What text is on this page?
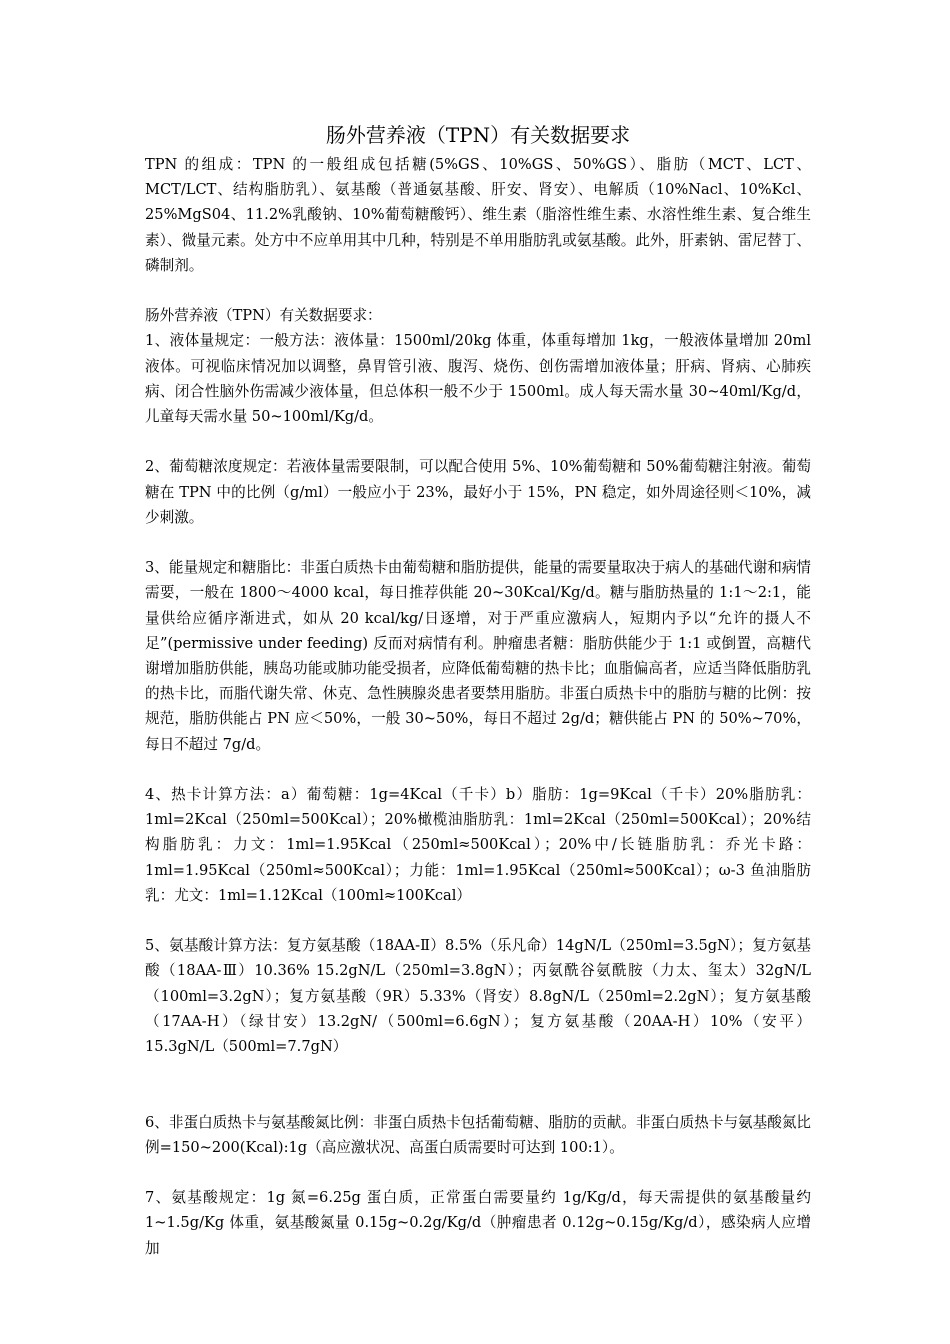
肠外营养液（TPN）有关数据要求

TPN 的组成：TPN 的一般组成包括糖(5%GS、10%GS、50%GS）、脂肪（MCT、LCT、MCT/LCT、结构脂肪乳）、氨基酸（普通氨基酸、肝安、肾安）、电解质（10%Nacl、10%Kcl、25%MgS04、11.2%乳酸钠、10%葡萄糖酸钙）、维生素（脂溶性维生素、水溶性维生素、复合维生素）、微量元素。处方中不应单用其中几种，特别是不单用脂肪乳或氨基酸。此外，肝素钠、雷尼替丁、磷制剂。

肠外营养液（TPN）有关数据要求：

1、液体量规定：一般方法：液体量：1500ml/20kg 体重，体重每增加 1kg，一般液体量增加 20ml 液体。可视临床情况加以调整，鼻胃管引液、腹泻、烧伤、创伤需增加液体量；肝病、肾病、心肺疾病、闭合性脑外伤需减少液体量，但总体积一般不少于 1500ml。成人每天需水量 30~40ml/Kg/d，儿童每天需水量 50~100ml/Kg/d。

2、葡萄糖浓度规定：若液体量需要限制，可以配合使用 5%、10%葡萄糖和 50%葡萄糖注射液。葡萄糖在 TPN 中的比例（g/ml）一般应小于 23%，最好小于 15%，PN 稳定，如外周途径则＜10%，减少刺激。

3、能量规定和糖脂比：非蛋白质热卡由葡萄糖和脂肪提供，能量的需要量取决于病人的基础代谢和病情需要，一般在 1800～4000 kcal，每日推荐供能 20~30Kcal/Kg/d。糖与脂肪热量的 1:1～2:1，能量供给应循序渐进式，如从 20 kcal/kg/日逐增，对于严重应激病人，短期内予以“允许的摄人不足”(permissive under feeding) 反而对病情有利。肿瘤患者糖：脂肪供能少于 1:1 或倒置，高糖代谢增加脂肪供能，胰岛功能或肺功能受损者，应降低葡萄糖的热卡比；血脂偏高者，应适当降低脂肪乳的热卡比，而脂代谢失常、休克、急性胰腺炎患者要禁用脂肪。非蛋白质热卡中的脂肪与糖的比例：按规范，脂肪供能占 PN 应＜50%，一般 30~50%，每日不超过 2g/d；糖供能占 PN 的 50%~70%，每日不超过 7g/d。

4、热卡计算方法：a）葡萄糖：1g=4Kcal（千卡）b）脂肪：1g=9Kcal（千卡）20%脂肪乳：1ml=2Kcal（250ml=500Kcal）；20%橄榄油脂肪乳：1ml=2Kcal（250ml=500Kcal）；20%结构脂肪乳：力文：1ml=1.95Kcal（250ml≈500Kcal）；20%中/长链脂肪乳：乔光卡路：1ml=1.95Kcal（250ml≈500Kcal）；力能：1ml=1.95Kcal（250ml≈500Kcal）；ω-3 鱼油脂肪乳：尤文：1ml=1.12Kcal（100ml≈100Kcal）

5、氨基酸计算方法：复方氨基酸（18AA-Ⅱ）8.5%（乐凡命）14gN/L（250ml=3.5gN）；复方氨基酸（18AA-Ⅲ）10.36% 15.2gN/L（250ml=3.8gN）；丙氨酰谷氨酰胺（力太、玺太）32gN/L（100ml=3.2gN）；复方氨基酸（9R）5.33%（肾安）8.8gN/L（250ml=2.2gN）；复方氨基酸（17AA-H）（绿甘安）13.2gN/（500ml=6.6gN）；复方氨基酸（20AA-H）10%（安平）15.3gN/L（500ml=7.7gN）

6、非蛋白质热卡与氨基酸氮比例：非蛋白质热卡包括葡萄糖、脂肪的贡献。非蛋白质热卡与氨基酸氮比例=150~200(Kcal):1g（高应激状况、高蛋白质需要时可达到 100:1）。

7、氨基酸规定：1g 氮=6.25g 蛋白质，正常蛋白需要量约 1g/Kg/d，每天需提供的氨基酸量约 1~1.5g/Kg 体重，氨基酸氮量 0.15g~0.2g/Kg/d（肿瘤患者 0.12g~0.15g/Kg/d），感染病人应增加
